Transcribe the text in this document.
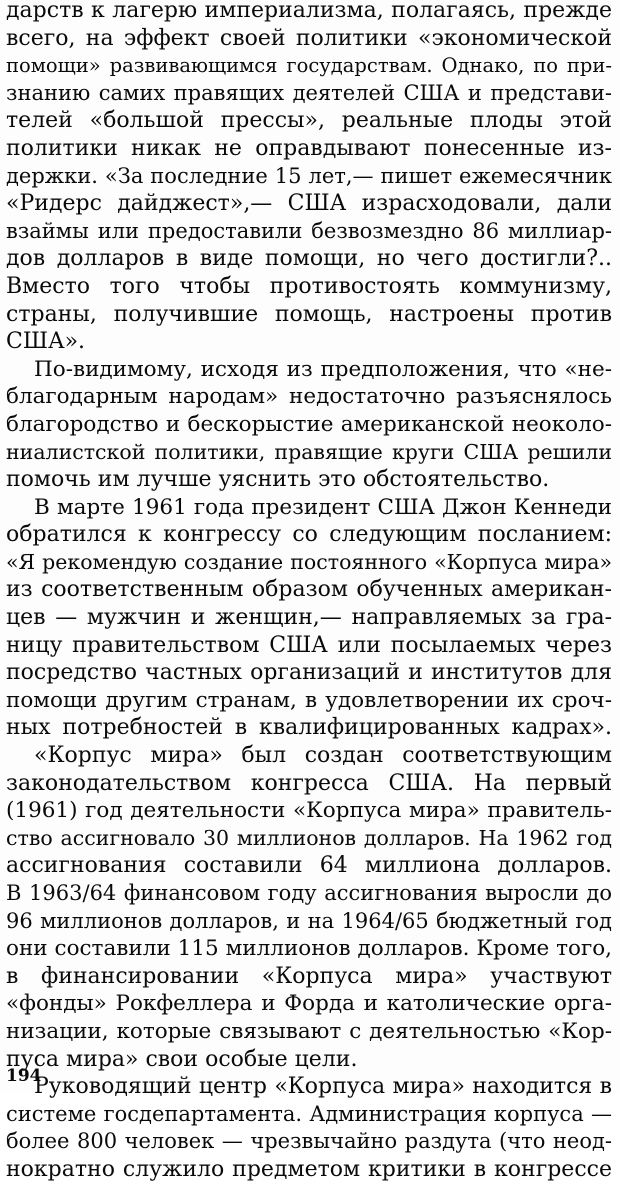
дарств к лагерю империализма, полагаясь, прежде
всего, на эффект своей политики «экономической
помощи» развивающимся государствам. Однако, по при-
знанию самих правящих деятелей США и представи-
телей «большой прессы», реальные плоды этой
политики никак не оправдывают понесенные из-
держки. «За последние 15 лет,— пишет ежемесячник
«Ридерс дайджест»,— США израсходовали, дали
взаймы или предоставили безвозмездно 86 миллиар-
дов долларов в виде помощи, но чего достигли?..
Вместо того чтобы противостоять коммунизму,
страны, получившие помощь, настроены против
США».
По-видимому, исходя из предположения, что «не-
благодарным народам» недостаточно разъяснялось
благородство и бескорыстие американской неоколо-
ниалистской политики, правящие круги США решили
помочь им лучше уяснить это обстоятельство.
В марте 1961 года президент США Джон Кеннеди
обратился к конгрессу со следующим посланием:
«Я рекомендую создание постоянного «Корпуса мира»
из соответственным образом обученных американ-
цев — мужчин и женщин,— направляемых за гра-
ницу правительством США или посылаемых через
посредство частных организаций и институтов для
помощи другим странам, в удовлетворении их сроч-
ных потребностей в квалифицированных кадрах».
«Корпус мира» был создан соответствующим
законодательством конгресса США. На первый
(1961) год деятельности «Корпуса мира» правитель-
ство ассигновало 30 миллионов долларов. На 1962 год
ассигнования составили 64 миллиона долларов.
В 1963/64 финансовом году ассигнования выросли до
96 миллионов долларов, и на 1964/65 бюджетный год
они составили 115 миллионов долларов. Кроме того,
в финансировании «Корпуса мира» участвуют
«фонды» Рокфеллера и Форда и католические орга-
низации, которые связывают с деятельностью «Кор-
пуса мира» свои особые цели.
Руководящий центр «Корпуса мира» находится в
системе госдепартамента. Администрация корпуса —
более 800 человек — чрезвычайно раздута (что неод-
нократно служило предметом критики в конгрессе
194
